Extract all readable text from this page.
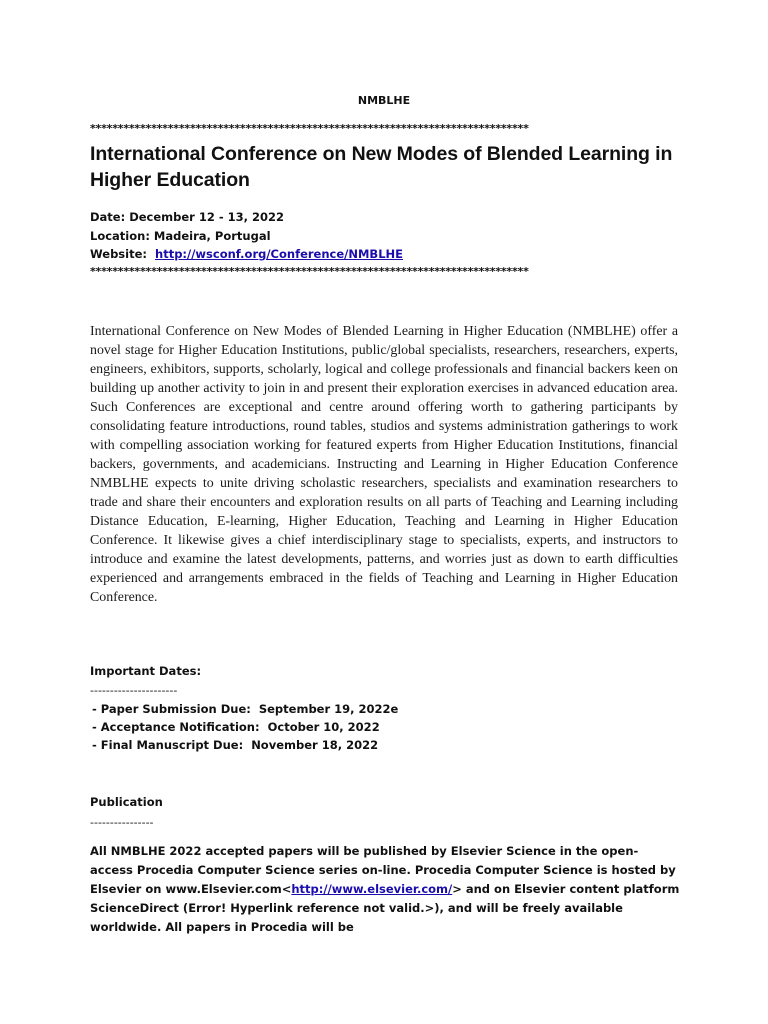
NMBLHE
*******************************************************************************
International Conference on New Modes of Blended Learning in Higher Education
Date: December 12 - 13, 2022
Location: Madeira, Portugal
Website: http://wsconf.org/Conference/NMBLHE
*******************************************************************************
International Conference on New Modes of Blended Learning in Higher Education (NMBLHE) offer a novel stage for Higher Education Institutions, public/global specialists, researchers, researchers, experts, engineers, exhibitors, supports, scholarly, logical and college professionals and financial backers keen on building up another activity to join in and present their exploration exercises in advanced education area. Such Conferences are exceptional and centre around offering worth to gathering participants by consolidating feature introductions, round tables, studios and systems administration gatherings to work with compelling association working for featured experts from Higher Education Institutions, financial backers, governments, and academicians. Instructing and Learning in Higher Education Conference NMBLHE expects to unite driving scholastic researchers, specialists and examination researchers to trade and share their encounters and exploration results on all parts of Teaching and Learning including Distance Education, E-learning, Higher Education, Teaching and Learning in Higher Education Conference. It likewise gives a chief interdisciplinary stage to specialists, experts, and instructors to introduce and examine the latest developments, patterns, and worries just as down to earth difficulties experienced and arrangements embraced in the fields of Teaching and Learning in Higher Education Conference.
Important Dates:
----------------------
- Paper Submission Due: September 19, 2022e
- Acceptance Notification: October 10, 2022
- Final Manuscript Due: November 18, 2022
Publication
----------------
All NMBLHE 2022 accepted papers will be published by Elsevier Science in the open-access Procedia Computer Science series on-line. Procedia Computer Science is hosted by Elsevier on www.Elsevier.com<http://www.elsevier.com/> and on Elsevier content platform ScienceDirect (Error! Hyperlink reference not valid.>), and will be freely available worldwide. All papers in Procedia will be
